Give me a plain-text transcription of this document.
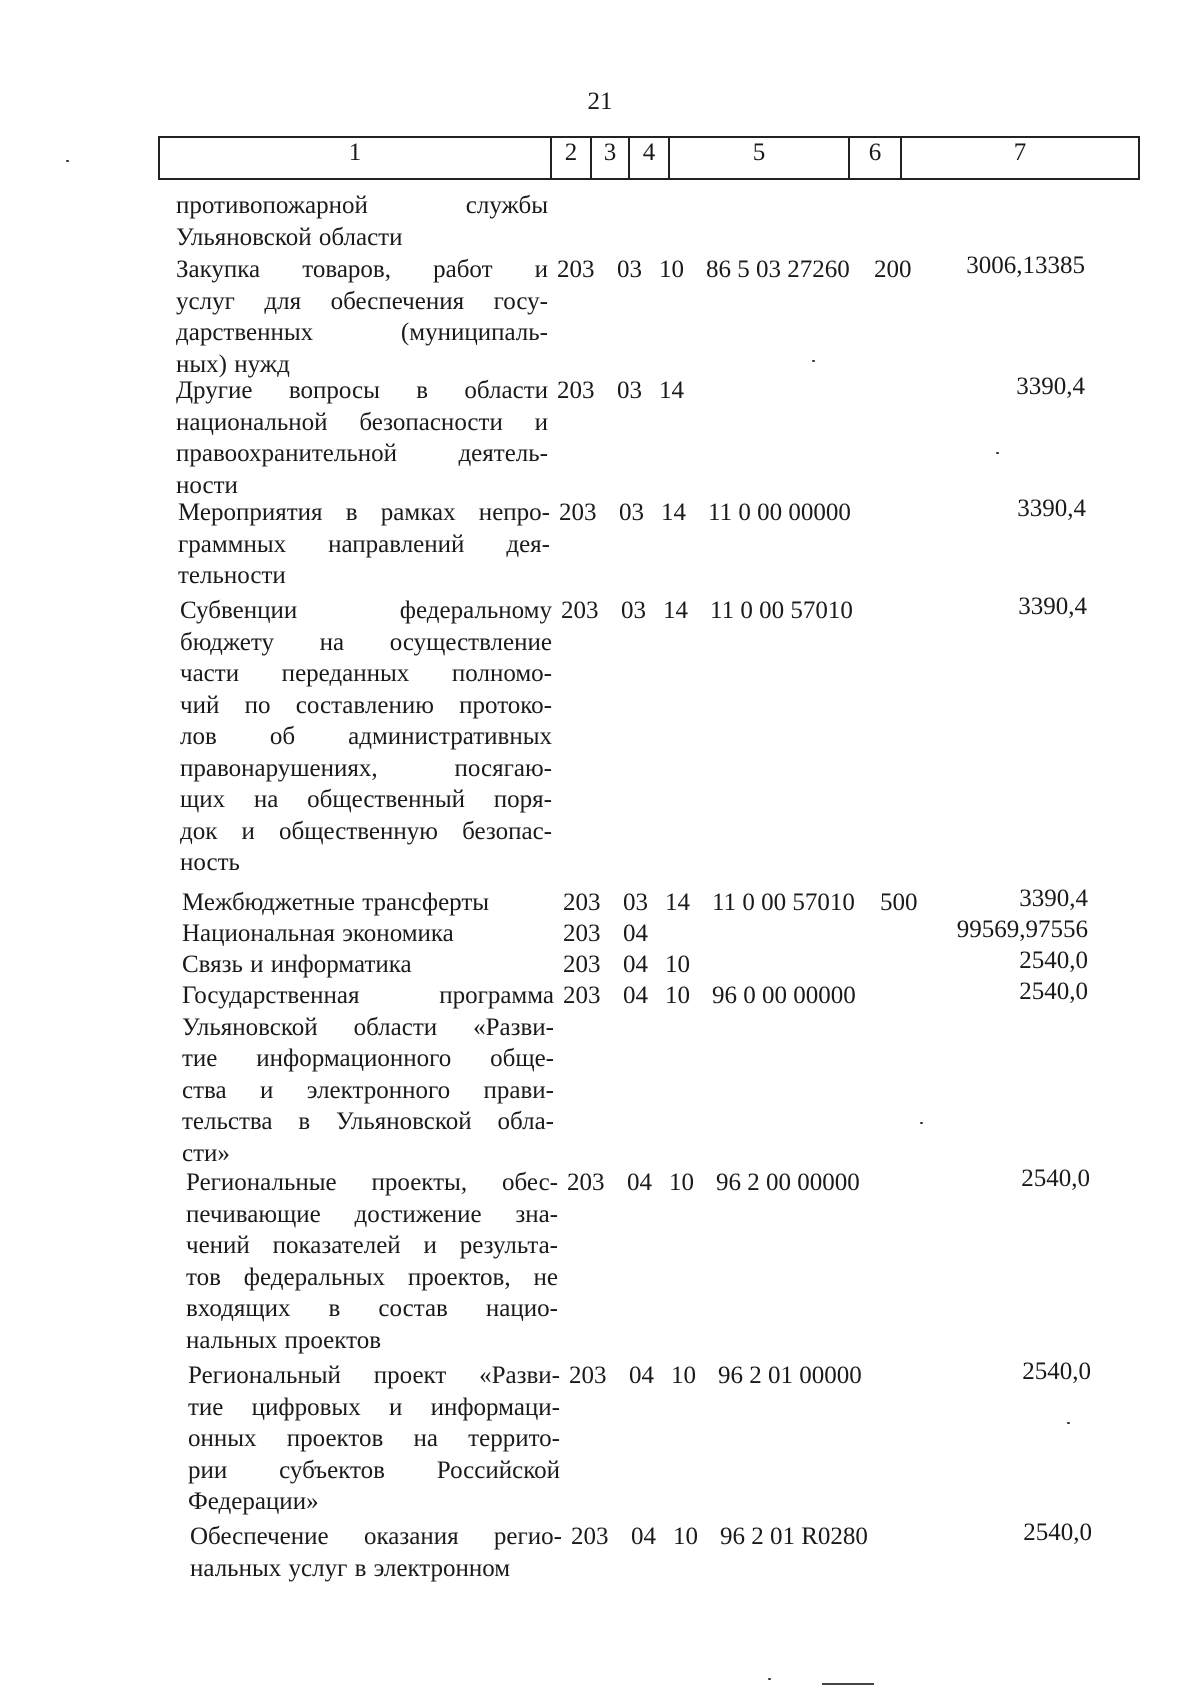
21
1	2	3	4	5	6	7
противопожарной службы
Ульяновской области
Закупка товаров, работ и
услуг для обеспечения госу-
дарственных (муниципаль-
ных) нужд
203 03 10 86 5 03 27260 200	3006,13385
Другие вопросы в области
национальной безопасности и
правоохранительной деятель-
ности
203 03 14	3390,4
Мероприятия в рамках непро-
граммных направлений дея-
тельности
203 03 14 11 0 00 00000	3390,4
Субвенции федеральному
бюджету на осуществление
части переданных полномо-
чий по составлению протоко-
лов об административных
правонарушениях, посягаю-
щих на общественный поря-
док и общественную безопас-
ность
203 03 14 11 0 00 57010	3390,4
Межбюджетные трансферты	203 03 14 11 0 00 57010 500	3390,4
Национальная экономика	203 04	99569,97556
Связь и информатика	203 04 10	2540,0
Государственная программа
Ульяновской области «Разви-
тие информационного обще-
ства и электронного прави-
тельства в Ульяновской обла-
сти»
203 04 10 96 0 00 00000	2540,0
Региональные проекты, обес-
печивающие достижение зна-
чений показателей и результа-
тов федеральных проектов, не
входящих в состав нацио-
нальных проектов
203 04 10 96 2 00 00000	2540,0
Региональный проект «Разви-
тие цифровых и информаци-
онных проектов на террито-
рии субъектов Российской
Федерации»
203 04 10 96 2 01 00000	2540,0
Обеспечение оказания регио-
нальных услуг в электронном
203 04 10 96 2 01 R0280	2540,0
